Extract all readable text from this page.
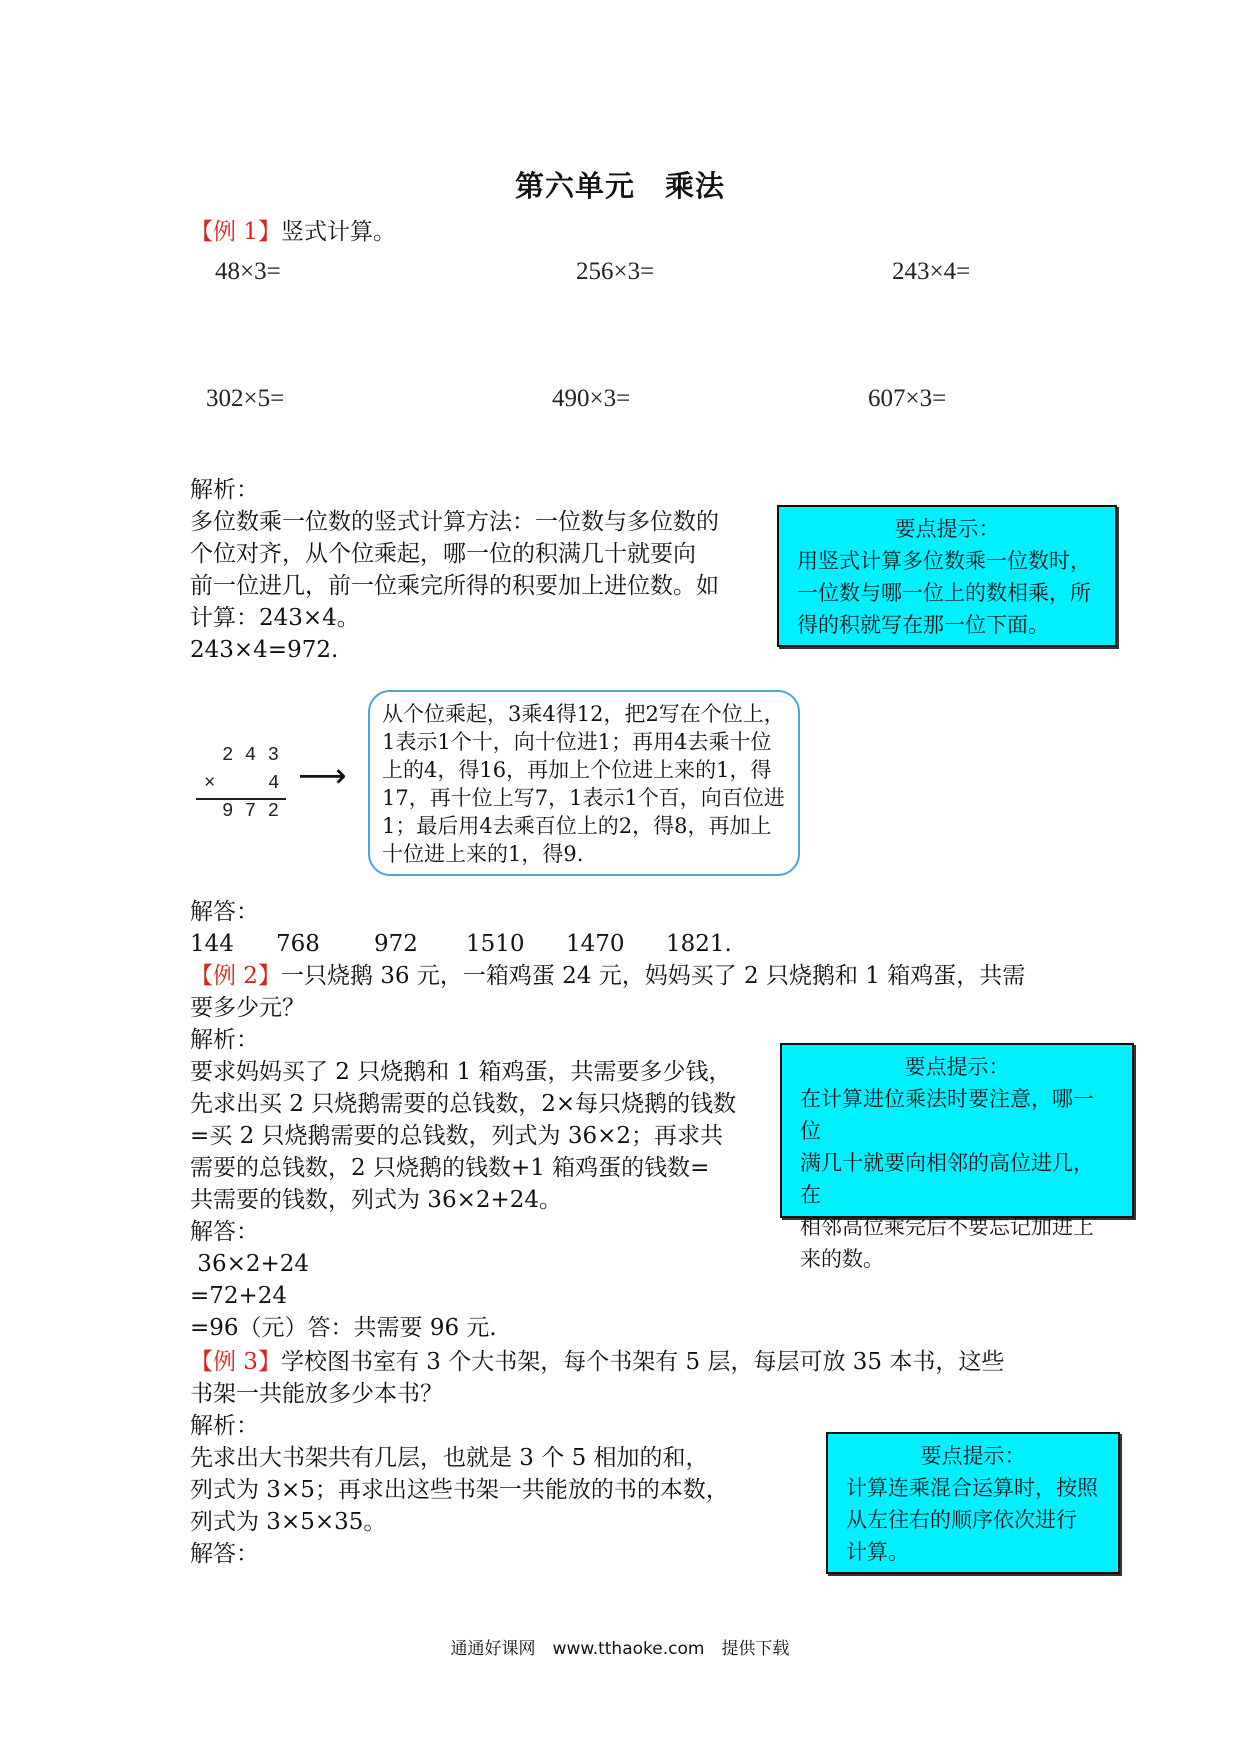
第六单元　乘法
【例 1】竖式计算。
48×3=	256×3=	243×4=
302×5=	490×3=	607×3=
解析：
多位数乘一位数的竖式计算方法：一位数与多位数的
个位对齐，从个位乘起，哪一位的积满几十就要向
前一位进几，前一位乘完所得的积要加上进位数。如
计算：243×4。
243×4=972.
要点提示：
用竖式计算多位数乘一位数时，
一位数与哪一位上的数相乘，所
得的积就写在那一位下面。
2 4 3
×	4
9 7 2
⟶
从个位乘起，3乘4得12，把2写在个位上，
1表示1个十，向十位进1；再用4去乘十位
上的4，得16，再加上个位进上来的1，得
17，再十位上写7，1表示1个百，向百位进
1；最后用4去乘百位上的2，得8，再加上
十位进上来的1，得9.
解答：
144 768 972 1510 1470 1821.
【例 2】一只烧鹅 36 元，一箱鸡蛋 24 元，妈妈买了 2 只烧鹅和 1 箱鸡蛋，共需
要多少元？
解析：
要求妈妈买了 2 只烧鹅和 1 箱鸡蛋，共需要多少钱，
先求出买 2 只烧鹅需要的总钱数，2×每只烧鹅的钱数
=买 2 只烧鹅需要的总钱数，列式为 36×2；再求共
需要的总钱数，2 只烧鹅的钱数+1 箱鸡蛋的钱数=
共需要的钱数，列式为 36×2+24。
要点提示：
在计算进位乘法时要注意，哪一位
满几十就要向相邻的高位进几，在
相邻高位乘完后不要忘记加进上
来的数。
解答：
36×2+24
=72+24
=96（元）答：共需要 96 元.
【例 3】学校图书室有 3 个大书架，每个书架有 5 层，每层可放 35 本书，这些
书架一共能放多少本书？
解析：
先求出大书架共有几层，也就是 3 个 5 相加的和，
列式为 3×5；再求出这些书架一共能放的书的本数，
列式为 3×5×35。
解答：
要点提示：
计算连乘混合运算时，按照
从左往右的顺序依次进行
计算。
通通好课网　www.tthaoke.com　提供下载
